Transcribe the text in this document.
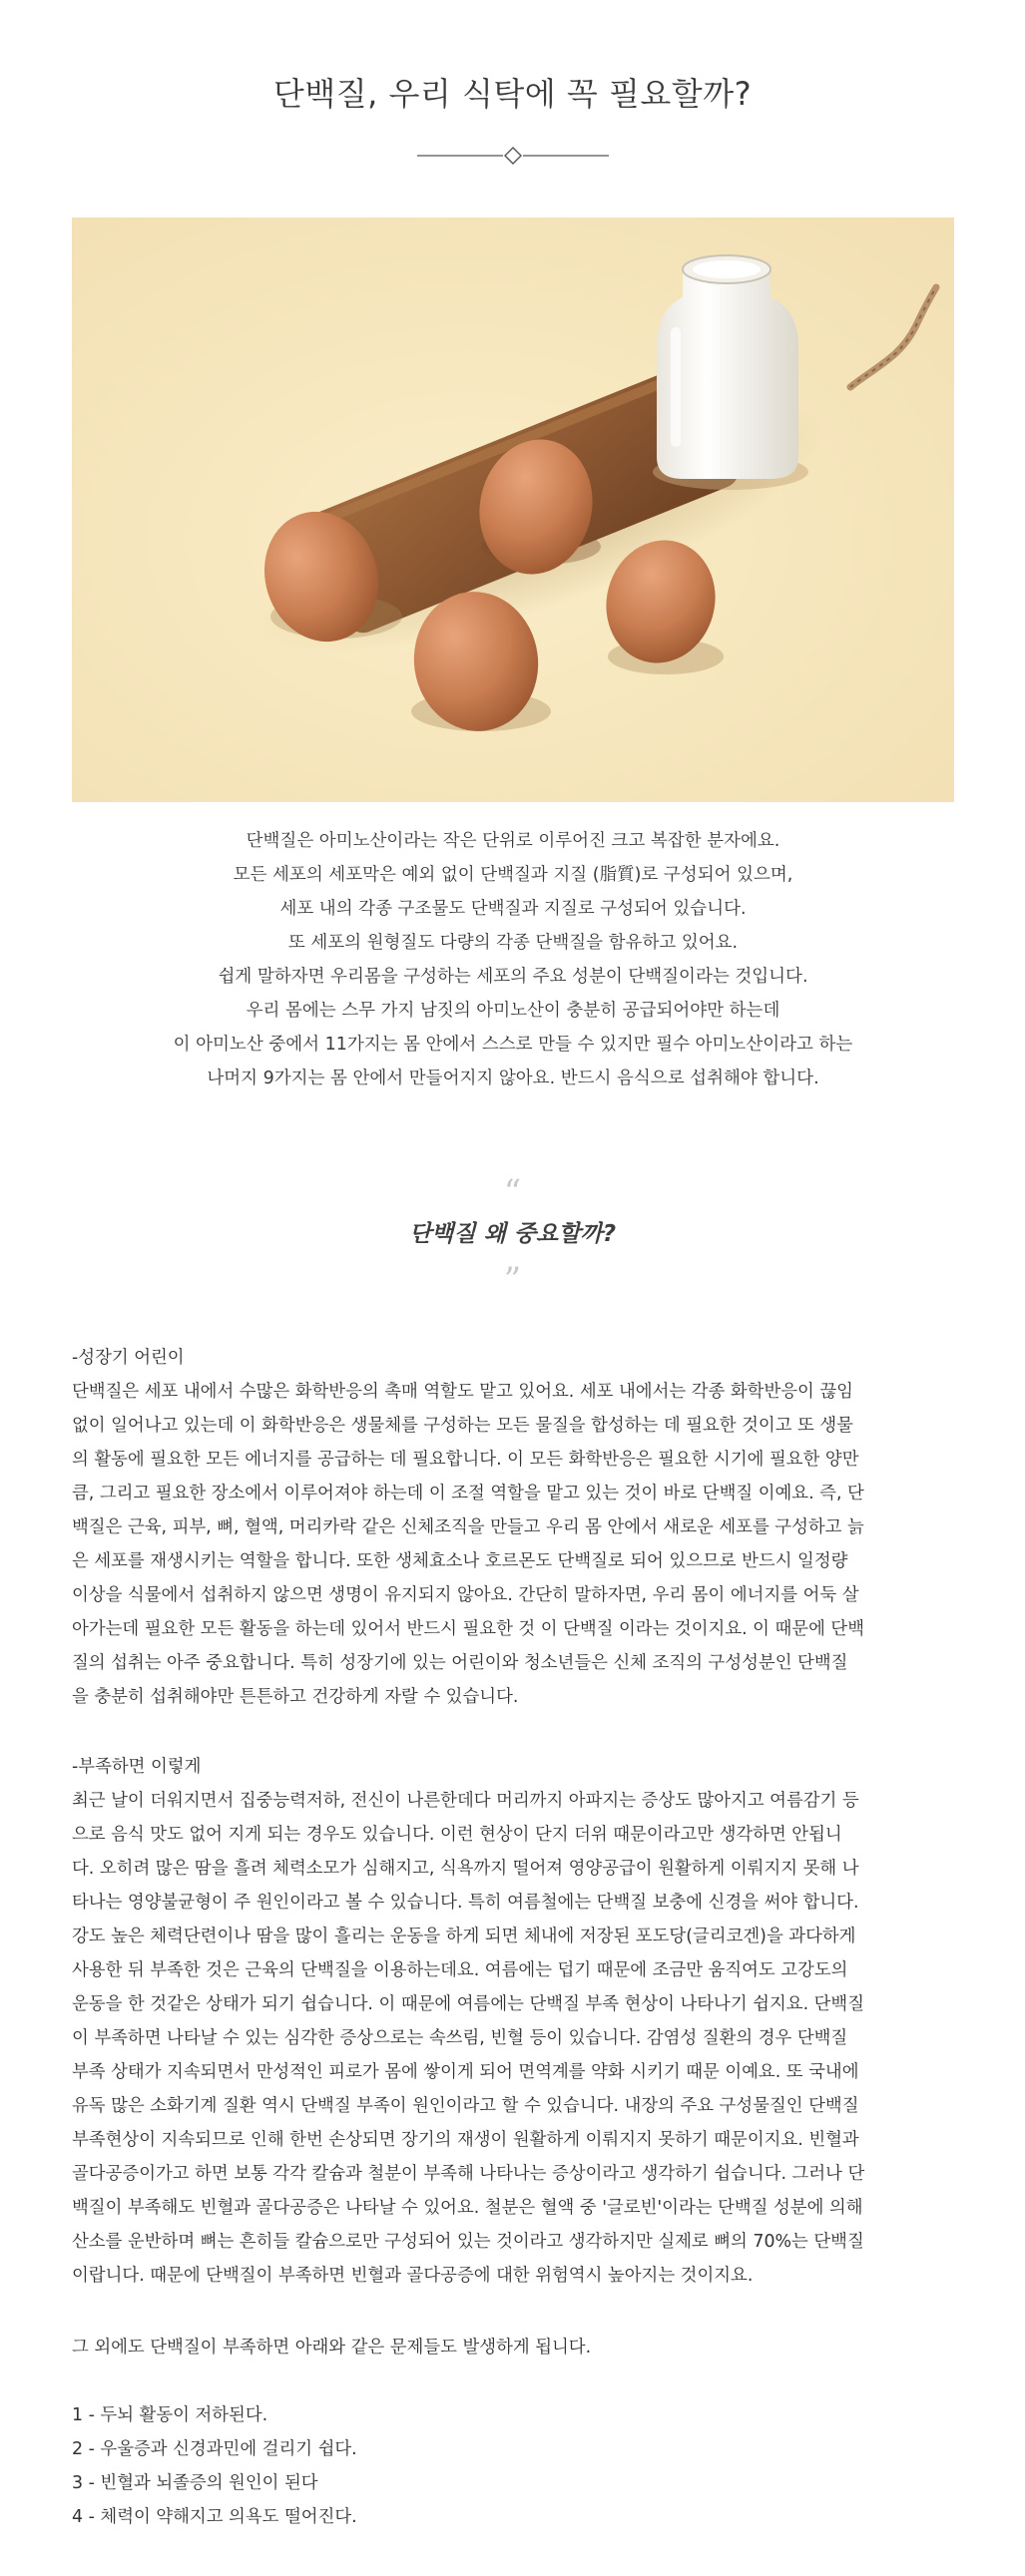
단백질, 우리 식탁에 꼭 필요할까?

단백질은 아미노산이라는 작은 단위로 이루어진 크고 복잡한 분자에요.

모든 세포의 세포막은 예외 없이 단백질과 지질 (脂質)로 구성되어 있으며,

세포 내의 각종 구조물도 단백질과 지질로 구성되어 있습니다.

또 세포의 원형질도 다량의 각종 단백질을 함유하고 있어요.

쉽게 말하자면 우리몸을 구성하는 세포의 주요 성분이 단백질이라는 것입니다.

우리 몸에는 스무 가지 남짓의 아미노산이 충분히 공급되어야만 하는데

이 아미노산 중에서 11가지는 몸 안에서 스스로 만들 수 있지만 필수 아미노산이라고 하는

나머지 9가지는 몸 안에서 만들어지지 않아요. 반드시 음식으로 섭취해야 합니다.

“
단백질 왜 중요할까?
”
-성장기 어린이
단백질은 세포 내에서 수많은 화학반응의 촉매 역할도 맡고 있어요. 세포 내에서는 각종 화학반응이 끊임
없이 일어나고 있는데 이 화학반응은 생물체를 구성하는 모든 물질을 합성하는 데 필요한 것이고 또 생물
의 활동에 필요한 모든 에너지를 공급하는 데 필요합니다. 이 모든 화학반응은 필요한 시기에 필요한 양만
큼, 그리고 필요한 장소에서 이루어져야 하는데 이 조절 역할을 맡고 있는 것이 바로 단백질 이예요. 즉, 단
백질은 근육, 피부, 뼈, 혈액, 머리카락 같은 신체조직을 만들고 우리 몸 안에서 새로운 세포를 구성하고 늙
은 세포를 재생시키는 역할을 합니다. 또한 생체효소나 호르몬도 단백질로 되어 있으므로 반드시 일정량
이상을 식물에서 섭취하지 않으면 생명이 유지되지 않아요. 간단히 말하자면, 우리 몸이 에너지를 어둑 살
아가는데 필요한 모든 활동을 하는데 있어서 반드시 필요한 것 이 단백질 이라는 것이지요. 이 때문에 단백
질의 섭취는 아주 중요합니다. 특히 성장기에 있는 어린이와 청소년들은 신체 조직의 구성성분인 단백질
을 충분히 섭취해야만 튼튼하고 건강하게 자랄 수 있습니다.
-부족하면 이렇게
최근 날이 더워지면서 집중능력저하, 전신이 나른한데다 머리까지 아파지는 증상도 많아지고 여름감기 등
으로 음식 맛도 없어 지게 되는 경우도 있습니다. 이런 현상이 단지 더위 때문이라고만 생각하면 안됩니
다. 오히려 많은 땀을 흘려 체력소모가 심해지고, 식욕까지 떨어져 영양공급이 원활하게 이뤄지지 못해 나
타나는 영양불균형이 주 원인이라고 볼 수 있습니다. 특히 여름철에는 단백질 보충에 신경을 써야 합니다.
강도 높은 체력단련이나 땀을 많이 흘리는 운동을 하게 되면 체내에 저장된 포도당(글리코겐)을 과다하게
사용한 뒤 부족한 것은 근육의 단백질을 이용하는데요. 여름에는 덥기 때문에 조금만 움직여도 고강도의
운동을 한 것같은 상태가 되기 쉽습니다. 이 때문에 여름에는 단백질 부족 현상이 나타나기 쉽지요. 단백질
이 부족하면 나타날 수 있는 심각한 증상으로는 속쓰림, 빈혈 등이 있습니다. 감염성 질환의 경우 단백질
부족 상태가 지속되면서 만성적인 피로가 몸에 쌓이게 되어 면역계를 약화 시키기 때문 이예요. 또 국내에
유독 많은 소화기계 질환 역시 단백질 부족이 원인이라고 할 수 있습니다. 내장의 주요 구성물질인 단백질
부족현상이 지속되므로 인해 한번 손상되면 장기의 재생이 원활하게 이뤄지지 못하기 때문이지요. 빈혈과
골다공증이가고 하면 보통 각각 칼슘과 철분이 부족해 나타나는 증상이라고 생각하기 쉽습니다. 그러나 단
백질이 부족해도 빈혈과 골다공증은 나타날 수 있어요. 철분은 혈액 중 '글로빈'이라는 단백질 성분에 의해
산소를 운반하며 뼈는 흔히들 칼슘으로만 구성되어 있는 것이라고 생각하지만 실제로 뼈의 70%는 단백질
이랍니다. 때문에 단백질이 부족하면 빈혈과 골다공증에 대한 위험역시 높아지는 것이지요.
그 외에도 단백질이 부족하면 아래와 같은 문제들도 발생하게 됩니다.
1 - 두뇌 활동이 저하된다.
2 - 우울증과 신경과민에 걸리기 쉽다.
3 - 빈혈과 뇌졸증의 원인이 된다
4 - 체력이 약해지고 의욕도 떨어진다.
